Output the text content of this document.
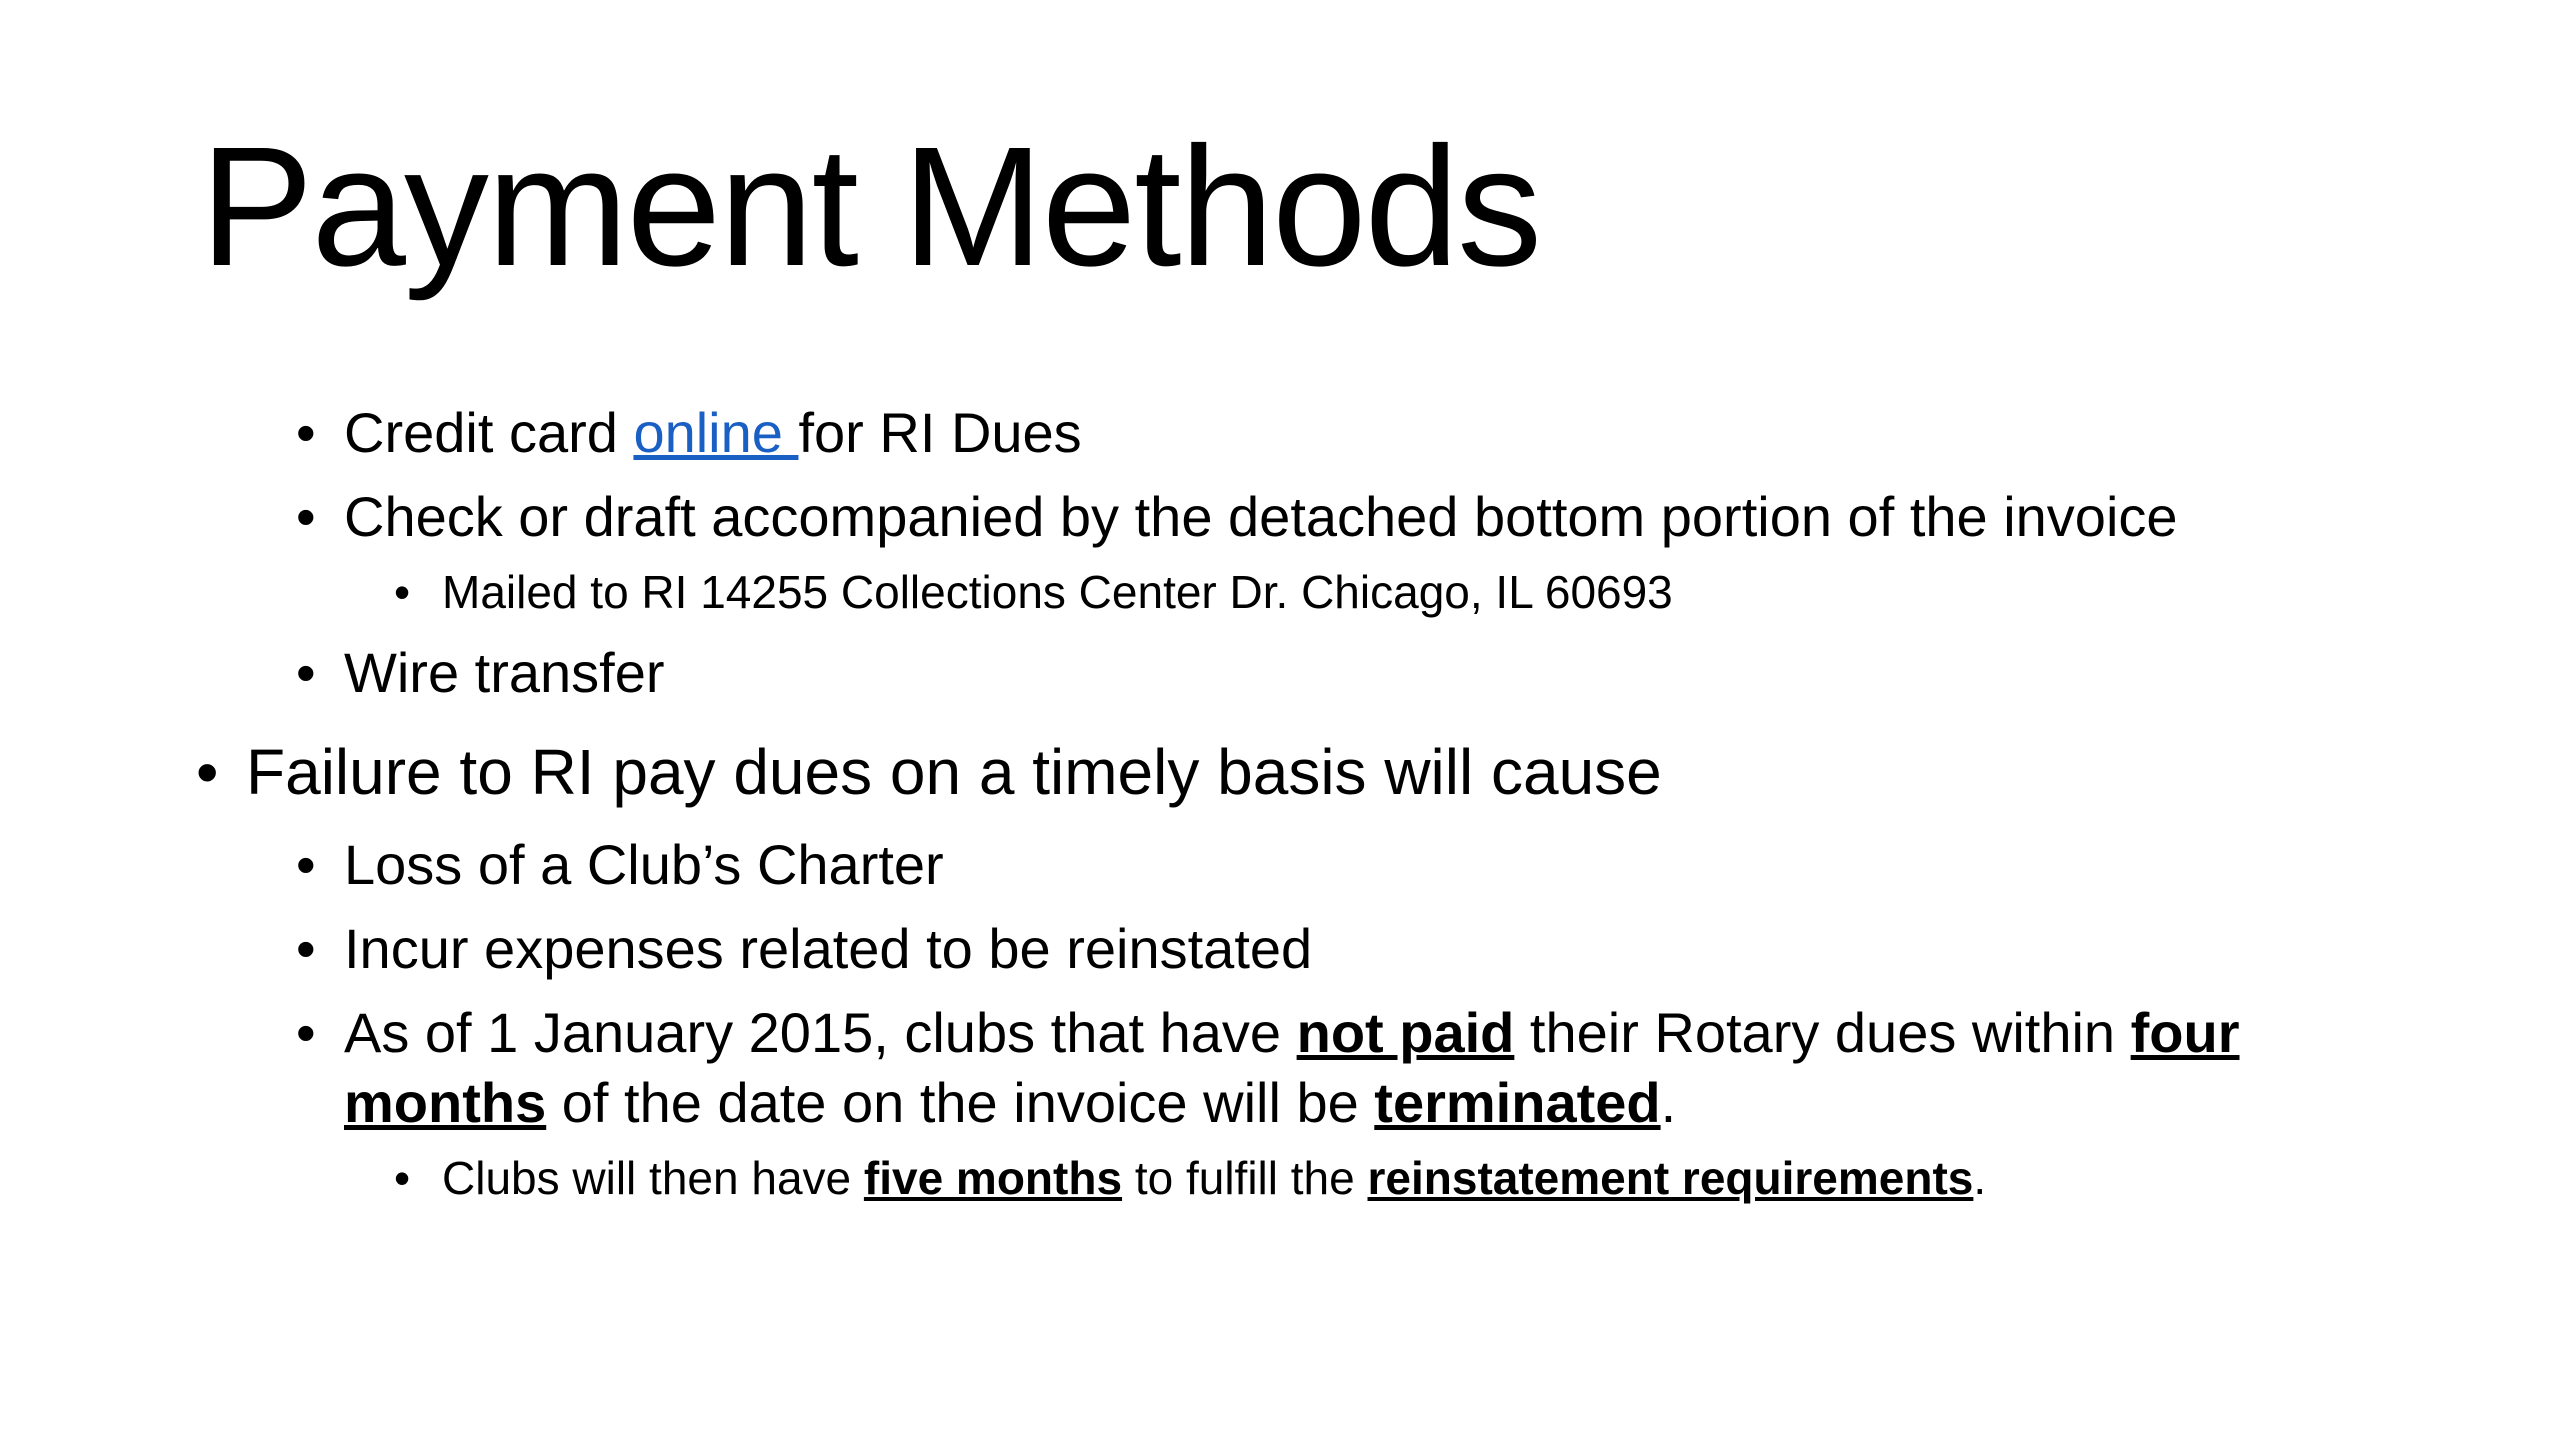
Payment Methods
• Credit card online for RI Dues
• Check or draft accompanied by the detached bottom portion of the invoice
• Mailed to RI 14255 Collections Center Dr. Chicago, IL 60693
• Wire transfer
• Failure to RI pay dues on a timely basis will cause
• Loss of a Club’s Charter
• Incur expenses related to be reinstated
• As of 1 January 2015, clubs that have not paid their Rotary dues within four
months of the date on the invoice will be terminated.
• Clubs will then have five months to fulfill the reinstatement requirements.
